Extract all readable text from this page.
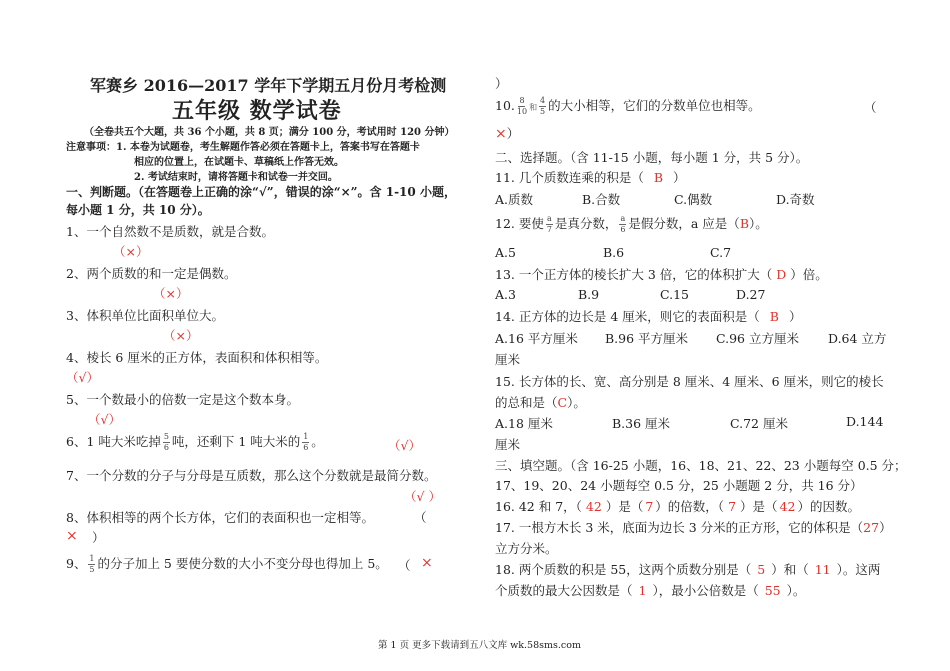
军赛乡 2016—2017 学年下学期五月份月考检测
五年级 数学试卷
（全卷共五个大题，共 36 个小题，共 8 页；满分 100 分，考试用时 120 分钟）
注意事项：1. 本卷为试题卷，考生解题作答必须在答题卡上，答案书写在答题卡
相应的位置上，在试题卡、草稿纸上作答无效。
2. 考试结束时，请将答题卡和试卷一并交回。
一、判断题。（在答题卷上正确的涂“√”，错误的涂“×”。含 1-10 小题，
每小题 1 分，共 10 分）。
1、一个自然数不是质数，就是合数。
（×）
2、两个质数的和一定是偶数。
（×）
3、体积单位比面积单位大。
（×）
4、棱长 6 厘米的正方体，表面积和体积相等。
（√）
5、一个数最小的倍数一定是这个数本身。
（√）
6、1 吨大米吃掉 $\frac{5}{6}$ 吨，还剩下 1 吨大米的 $\frac{1}{6}$ 。	（√）
7、一个分数的分子与分母是互质数，那么这个分数就是最简分数。
（√ ）
8、体积相等的两个长方体，它们的表面积也一定相等。	（
× ）
9、 $\frac{1}{5}$ 的分子加上 5 要使分数的大小不变分母也得加上 5。 （ ×
）
10. $\frac{8}{10}$ 和 $\frac{4}{5}$ 的大小相等，它们的分数单位也相等。	（
×）
二、选择题。（含 11-15 小题，每小题 1 分，共 5 分）。
11. 几个质数连乘的积是（ B ）
A.质数	B.合数	C.偶数	D.奇数
12. 要使 $\frac{a}{7}$ 是真分数， $\frac{a}{6}$ 是假分数，a 应是（B）。
A.5	B.6	C.7
13. 一个正方体的棱长扩大 3 倍，它的体积扩大（ D ）倍。
A.3	B.9	C.15	D.27
14. 正方体的边长是 4 厘米，则它的表面积是（ B ）
A.16 平方厘米 B.96 平方厘米 C.96 立方厘米 D.64 立方
厘米
15. 长方体的长、宽、高分别是 8 厘米、4 厘米、6 厘米，则它的棱长
的总和是（C）。
A.18 厘米	B.36 厘米	C.72 厘米	D.144
厘米
三、填空题。（含 16-25 小题，16、18、21、22、23 小题每空 0.5 分；
17、19、20、24 小题每空 0.5 分，25 小题题 2 分，共 16 分）
16. 42 和 7，（ 42 ）是（ 7 ）的倍数，（ 7 ）是（ 42 ）的因数。
17. 一根方木长 3 米，底面为边长 3 分米的正方形，它的体积是（27）
立方分米。
18. 两个质数的积是 55，这两个质数分别是（ 5 ）和（ 11 ）。这两
个质数的最大公因数是（ 1 ），最小公倍数是（ 55 ）。
第 1 页 更多下载请到五八文库 wk.58sms.com
